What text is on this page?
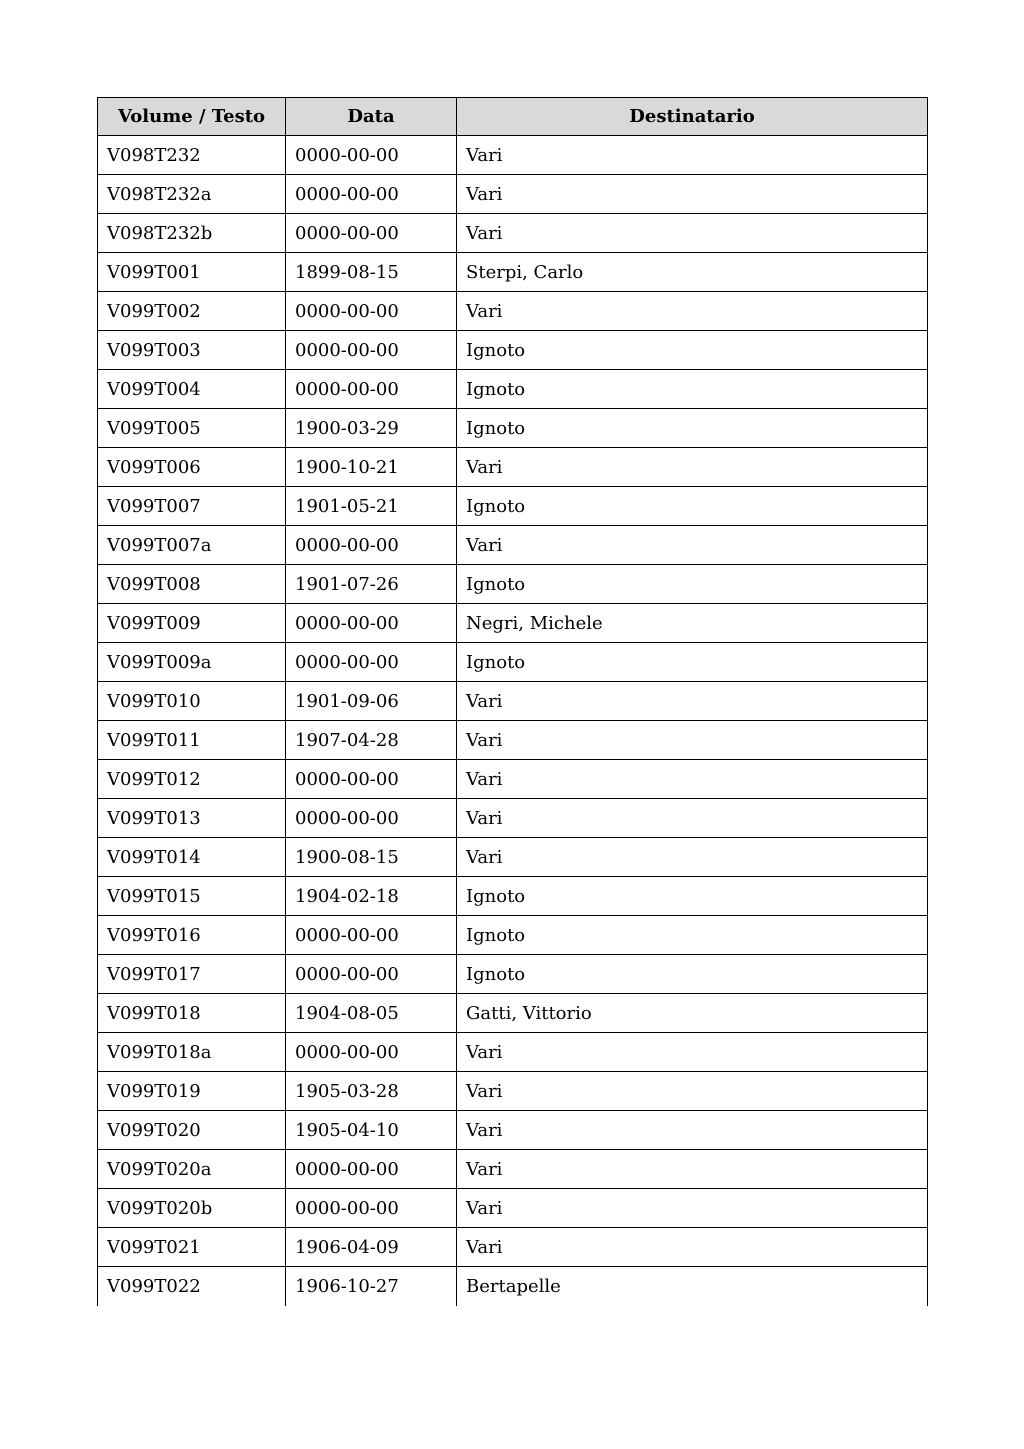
Volume / Testo	Data	Destinatario
V098T232	0000-00-00	Vari
V098T232a	0000-00-00	Vari
V098T232b	0000-00-00	Vari
V099T001	1899-08-15	Sterpi, Carlo
V099T002	0000-00-00	Vari
V099T003	0000-00-00	Ignoto
V099T004	0000-00-00	Ignoto
V099T005	1900-03-29	Ignoto
V099T006	1900-10-21	Vari
V099T007	1901-05-21	Ignoto
V099T007a	0000-00-00	Vari
V099T008	1901-07-26	Ignoto
V099T009	0000-00-00	Negri, Michele
V099T009a	0000-00-00	Ignoto
V099T010	1901-09-06	Vari
V099T011	1907-04-28	Vari
V099T012	0000-00-00	Vari
V099T013	0000-00-00	Vari
V099T014	1900-08-15	Vari
V099T015	1904-02-18	Ignoto
V099T016	0000-00-00	Ignoto
V099T017	0000-00-00	Ignoto
V099T018	1904-08-05	Gatti, Vittorio
V099T018a	0000-00-00	Vari
V099T019	1905-03-28	Vari
V099T020	1905-04-10	Vari
V099T020a	0000-00-00	Vari
V099T020b	0000-00-00	Vari
V099T021	1906-04-09	Vari
V099T022	1906-10-27	Bertapelle
